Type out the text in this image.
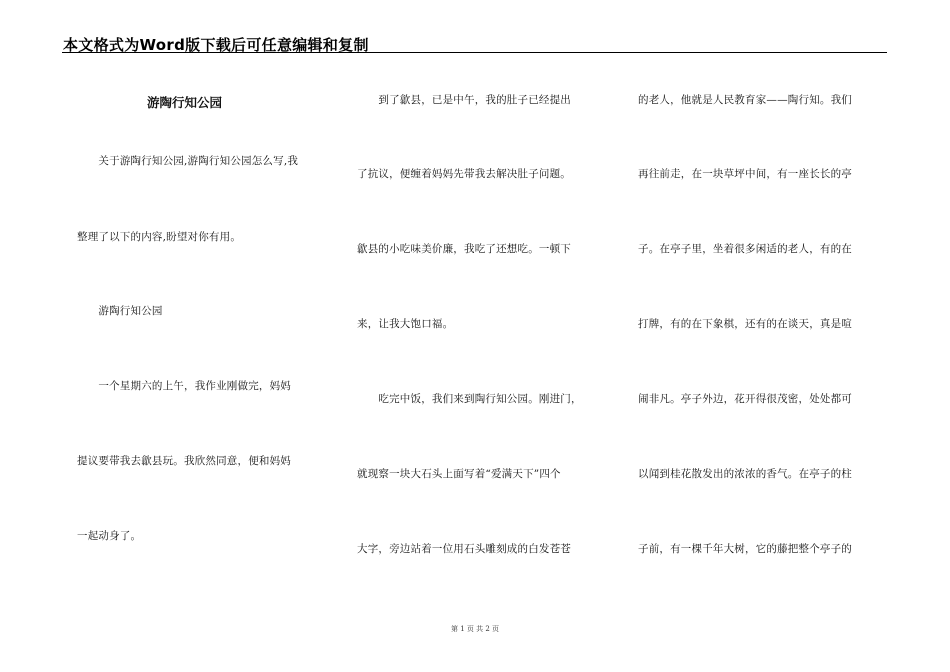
本文格式为Word版下载后可任意编辑和复制
游陶行知公园
　　关于游陶行知公园,游陶行知公园怎么写,我
整理了以下的内容,盼望对你有用。
　　游陶行知公园
　　一个星期六的上午，我作业刚做完，妈妈
提议要带我去歙县玩。我欣然同意，便和妈妈
一起动身了。
　　到了歙县，已是中午，我的肚子已经提出
了抗议，便缠着妈妈先带我去解决肚子问题。
歙县的小吃味美价廉，我吃了还想吃。一顿下
来，让我大饱口福。
　　吃完中饭，我们来到陶行知公园。刚进门，
就现察一块大石头上面写着“爱满天下”四个
大字，旁边站着一位用石头雕刻成的白发苍苍
的老人，他就是人民教育家——陶行知。我们
再往前走，在一块草坪中间，有一座长长的亭
子。在亭子里，坐着很多闲适的老人，有的在
打牌，有的在下象棋，还有的在谈天，真是喧
闹非凡。亭子外边，花开得很茂密，处处都可
以闻到桂花散发出的浓浓的香气。在亭子的柱
子前，有一棵千年大树，它的藤把整个亭子的
第 1 页 共 2 页
